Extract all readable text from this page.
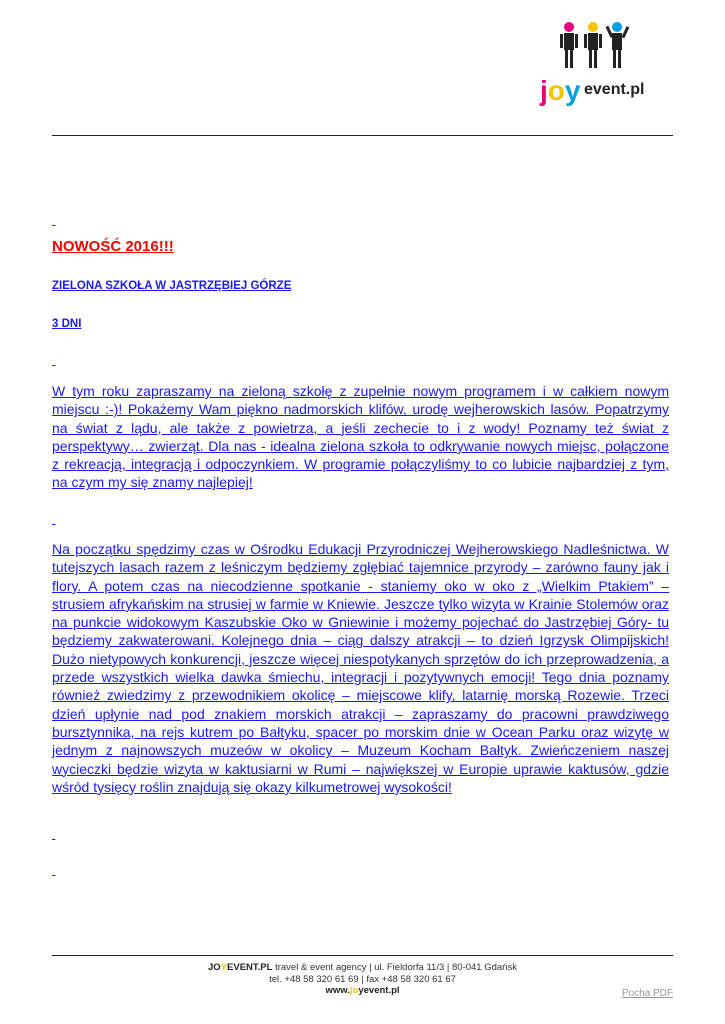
joy event.pl

NOWOŚĆ 2016!!!
ZIELONA SZKOŁA W JASTRZĘBIEJ GÓRZE
3 DNI

W tym roku zapraszamy na zieloną szkołę z zupełnie nowym programem i w całkiem nowym miejscu :-)! Pokażemy Wam piękno nadmorskich klifów, urodę wejherowskich lasów. Popatrzymy na świat z lądu, ale także z powietrza, a jeśli zechecie to i z wody! Poznamy też świat z perspektywy… zwierząt. Dla nas - idealna zielona szkoła to odkrywanie nowych miejsc, połączone z rekreacją, integracją i odpoczynkiem. W programie połączyliśmy to co lubicie najbardziej z tym, na czym my się znamy najlepiej!

Na początku spędzimy czas w Ośrodku Edukacji Przyrodniczej Wejherowskiego Nadleśnictwa. W tutejszych lasach razem z leśniczym będziemy zgłębiać tajemnice przyrody – zarówno fauny jak i flory. A potem czas na niecodzienne spotkanie - staniemy oko w oko z „Wielkim Ptakiem” – strusiem afrykańskim na strusiej w farmie w Kniewie. Jeszcze tylko wizyta w Krainie Stolemów oraz na punkcie widokowym Kaszubskie Oko w Gniewinie i możemy pojechać do Jastrzębiej Góry- tu będziemy zakwaterowani. Kolejnego dnia – ciąg dalszy atrakcji – to dzień Igrzysk Olimpijskich! Dużo nietypowych konkurencji, jeszcze więcej niespotykanych sprzętów do ich przeprowadzenia, a przede wszystkich wielka dawka śmiechu, integracji i pozytywnych emocji! Tego dnia poznamy również zwiedzimy z przewodnikiem okolicę – miejscowe klify, latarnię morską Rozewie. Trzeci dzień upłynie nad pod znakiem morskich atrakcji – zapraszamy do pracowni prawdziwego bursztynnika, na rejs kutrem po Bałtyku, spacer po morskim dnie w Ocean Parku oraz wizytę w jednym z najnowszych muzeów w okolicy – Muzeum Kocham Bałtyk. Zwieńczeniem naszej wycieczki będzie wizyta w kaktusiarni w Rumi – największej w Europie uprawie kaktusów, gdzie wśród tysięcy roślin znajdują się okazy kilkumetrowej wysokości!

JOYEVENT.PL travel & event agency | ul. Fieldorfa 11/3 | 80-041 Gdańsk
tel. +48 58 320 61 69 | fax +48 58 320 61 67
www.joyevent.pl	Pocha PDF
